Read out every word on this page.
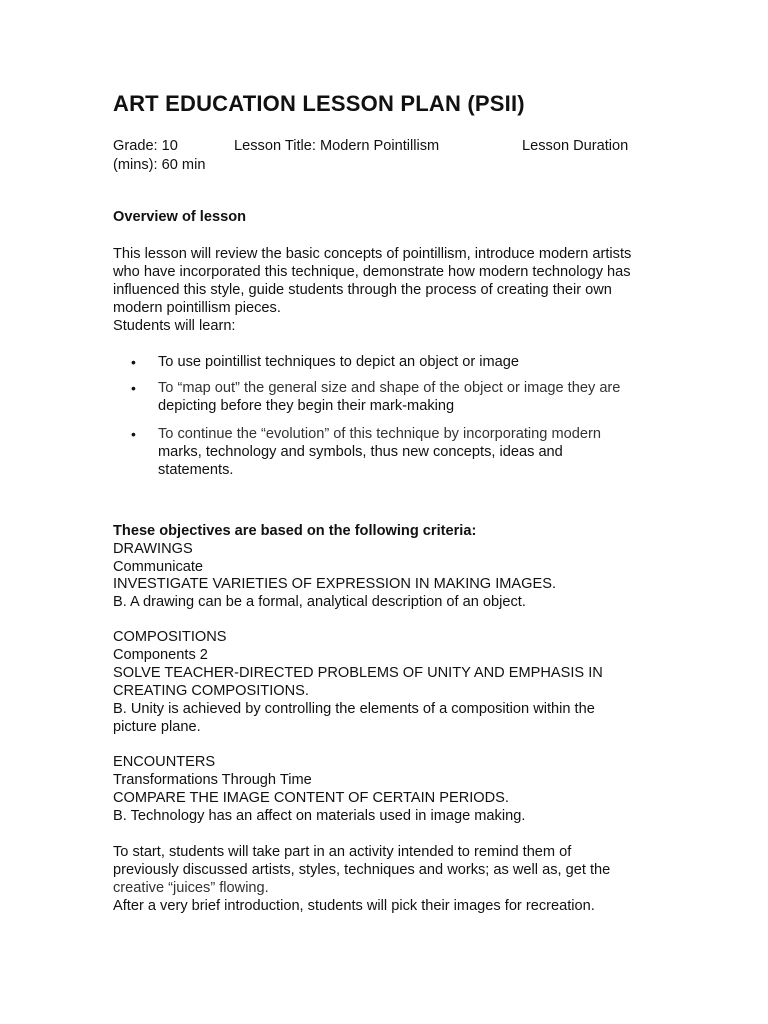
ART EDUCATION LESSON PLAN (PSII)
Grade: 10	Lesson Title: Modern Pointillism	Lesson Duration
(mins): 60 min
Overview of lesson
This lesson will review the basic concepts of pointillism, introduce modern artists
who have incorporated this technique, demonstrate how modern technology has
influenced this style, guide students through the process of creating their own
modern pointillism pieces.
Students will learn:
• To use pointillist techniques to depict an object or image
• To “map out” the general size and shape of the object or image they are
depicting before they begin their mark-making
• To continue the “evolution” of this technique by incorporating modern
marks, technology and symbols, thus new concepts, ideas and
statements.
These objectives are based on the following criteria:
DRAWINGS
Communicate
INVESTIGATE VARIETIES OF EXPRESSION IN MAKING IMAGES.
B. A drawing can be a formal, analytical description of an object.
COMPOSITIONS
Components 2
SOLVE TEACHER-DIRECTED PROBLEMS OF UNITY AND EMPHASIS IN
CREATING COMPOSITIONS.
B. Unity is achieved by controlling the elements of a composition within the
picture plane.
ENCOUNTERS
Transformations Through Time
COMPARE THE IMAGE CONTENT OF CERTAIN PERIODS.
B. Technology has an affect on materials used in image making.
To start, students will take part in an activity intended to remind them of
previously discussed artists, styles, techniques and works; as well as, get the
creative “juices” flowing.
After a very brief introduction, students will pick their images for recreation.
